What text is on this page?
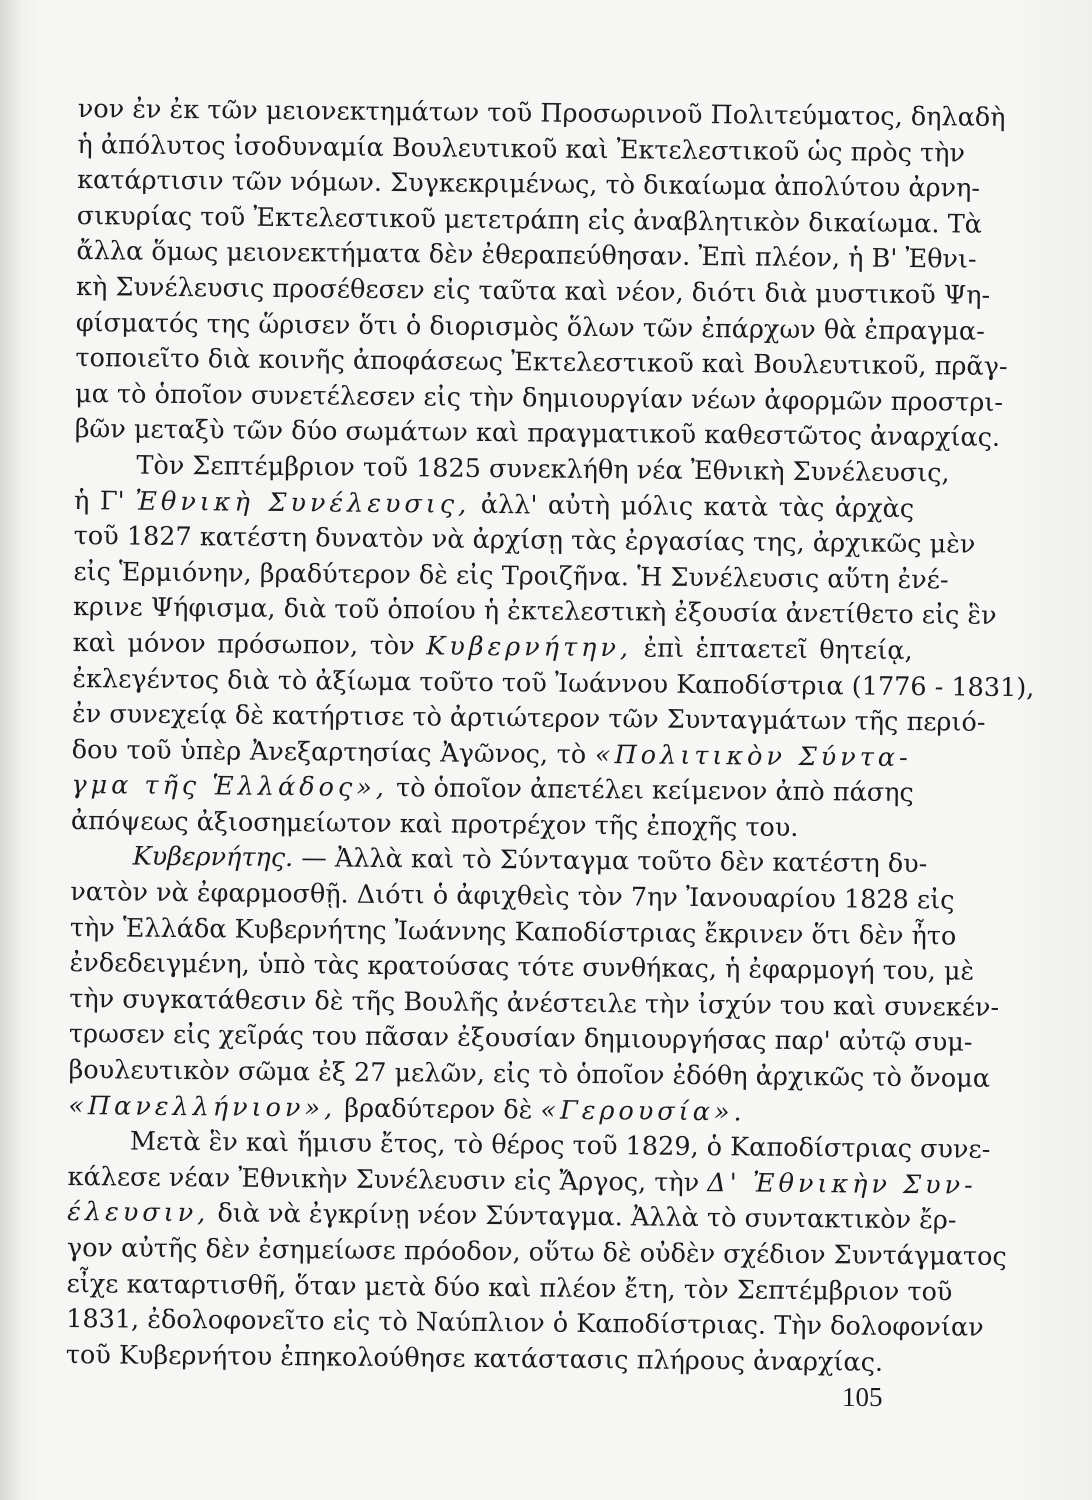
νον ἐν ἐκ τῶν μειονεκτημάτων τοῦ Προσωρινοῦ Πολιτεύματος, δηλαδὴ
ἡ ἀπόλυτος ἰσοδυναμία Βουλευτικοῦ καὶ Ἐκτελεστικοῦ ὡς πρὸς τὴν
κατάρτισιν τῶν νόμων. Συγκεκριμένως, τὸ δικαίωμα ἀπολύτου ἀρνη-
σικυρίας τοῦ Ἐκτελεστικοῦ μετετράπη εἰς ἀναβλητικὸν δικαίωμα. Τὰ
ἄλλα ὅμως μειονεκτήματα δὲν ἐθεραπεύθησαν. Ἐπὶ πλέον, ἡ Β' Ἐθνι-
κὴ Συνέλευσις προσέθεσεν εἰς ταῦτα καὶ νέον, διότι διὰ μυστικοῦ Ψη-
φίσματός της ὥρισεν ὅτι ὁ διορισμὸς ὅλων τῶν ἐπάρχων θὰ ἐπραγμα-
τοποιεῖτο διὰ κοινῆς ἀποφάσεως Ἐκτελεστικοῦ καὶ Βουλευτικοῦ, πρᾶγ-
μα τὸ ὁποῖον συνετέλεσεν εἰς τὴν δημιουργίαν νέων ἀφορμῶν προστρι-
βῶν μεταξὺ τῶν δύο σωμάτων καὶ πραγματικοῦ καθεστῶτος ἀναρχίας.
Τὸν Σεπτέμβριον τοῦ 1825 συνεκλήθη νέα Ἐθνικὴ Συνέλευσις,
ἡ Γ' Ἐθνικὴ Συνέλευσις, ἀλλ' αὐτὴ μόλις κατὰ τὰς ἀρχὰς
τοῦ 1827 κατέστη δυνατὸν νὰ ἀρχίσῃ τὰς ἐργασίας της, ἀρχικῶς μὲν
εἰς Ἑρμιόνην, βραδύτερον δὲ εἰς Τροιζῆνα. Ἡ Συνέλευσις αὕτη ἐνέ-
κρινε Ψήφισμα, διὰ τοῦ ὁποίου ἡ ἐκτελεστικὴ ἐξουσία ἀνετίθετο εἰς ἓν
καὶ μόνον πρόσωπον, τὸν Κυβερνήτην, ἐπὶ ἑπταετεῖ θητείᾳ,
ἐκλεγέντος διὰ τὸ ἀξίωμα τοῦτο τοῦ Ἰωάννου Καποδίστρια (1776 - 1831),
ἐν συνεχείᾳ δὲ κατήρτισε τὸ ἀρτιώτερον τῶν Συνταγμάτων τῆς περιό-
δου τοῦ ὑπὲρ Ἀνεξαρτησίας Ἀγῶνος, τὸ «Πολιτικὸν Σύντα-
γμα τῆς Ἑλλάδος», τὸ ὁποῖον ἀπετέλει κείμενον ἀπὸ πάσης
ἀπόψεως ἀξιοσημείωτον καὶ προτρέχον τῆς ἐποχῆς του.
Κυβερνήτης. — Ἀλλὰ καὶ τὸ Σύνταγμα τοῦτο δὲν κατέστη δυ-
νατὸν νὰ ἐφαρμοσθῇ. Διότι ὁ ἀφιχθεὶς τὸν 7ην Ἰανουαρίου 1828 εἰς
τὴν Ἑλλάδα Κυβερνήτης Ἰωάννης Καποδίστριας ἔκρινεν ὅτι δὲν ἦτο
ἐνδεδειγμένη, ὑπὸ τὰς κρατούσας τότε συνθήκας, ἡ ἐφαρμογή του, μὲ
τὴν συγκατάθεσιν δὲ τῆς Βουλῆς ἀνέστειλε τὴν ἰσχύν του καὶ συνεκέν-
τρωσεν εἰς χεῖράς του πᾶσαν ἐξουσίαν δημιουργήσας παρ' αὐτῷ συμ-
βουλευτικὸν σῶμα ἐξ 27 μελῶν, εἰς τὸ ὁποῖον ἐδόθη ἀρχικῶς τὸ ὄνομα
«Πανελλήνιον», βραδύτερον δὲ «Γερουσία».
Μετὰ ἓν καὶ ἥμισυ ἔτος, τὸ θέρος τοῦ 1829, ὁ Καποδίστριας συνε-
κάλεσε νέαν Ἐθνικὴν Συνέλευσιν εἰς Ἄργος, τὴν Δ' Ἐθνικὴν Συν-
έλευσιν, διὰ νὰ ἐγκρίνῃ νέον Σύνταγμα. Ἀλλὰ τὸ συντακτικὸν ἔρ-
γον αὐτῆς δὲν ἐσημείωσε πρόοδον, οὕτω δὲ οὐδὲν σχέδιον Συντάγματος
εἶχε καταρτισθῆ, ὅταν μετὰ δύο καὶ πλέον ἔτη, τὸν Σεπτέμβριον τοῦ
1831, ἐδολοφονεῖτο εἰς τὸ Ναύπλιον ὁ Καποδίστριας. Τὴν δολοφονίαν
τοῦ Κυβερνήτου ἐπηκολούθησε κατάστασις πλήρους ἀναρχίας.
105
